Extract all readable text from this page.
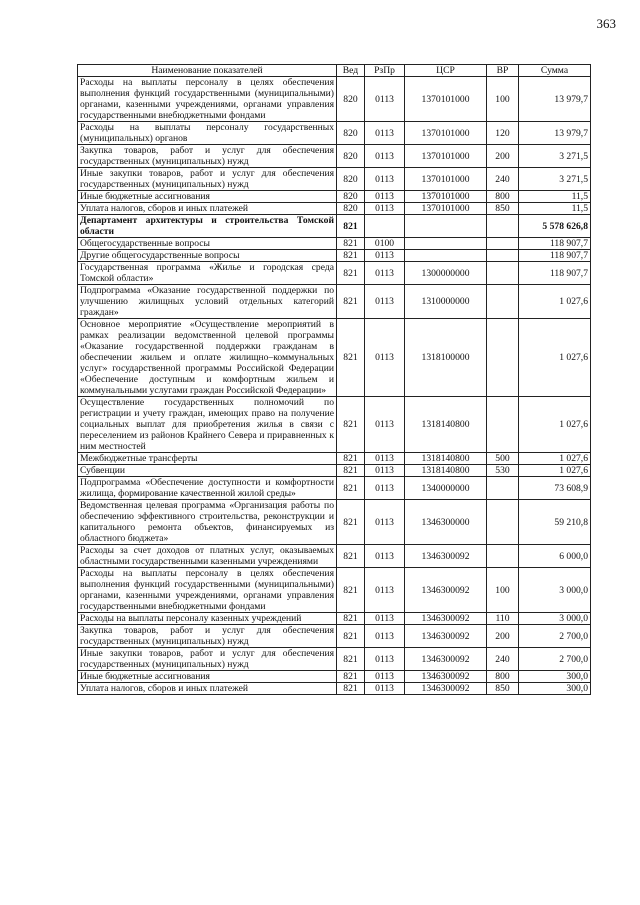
363
Наименование показателей	Вед	РзПр	ЦСР	ВР	Сумма
Расходы на выплаты персоналу в целях обеспечения выполнения функций государственными (муниципальными) органами, казенными учреждениями, органами управления государственными внебюджетными фондами	820	0113	1370101000	100	13 979,7
Расходы на выплаты персоналу государственных (муниципальных) органов	820	0113	1370101000	120	13 979,7
Закупка товаров, работ и услуг для обеспечения государственных (муниципальных) нужд	820	0113	1370101000	200	3 271,5
Иные закупки товаров, работ и услуг для обеспечения государственных (муниципальных) нужд	820	0113	1370101000	240	3 271,5
Иные бюджетные ассигнования	820	0113	1370101000	800	11,5
Уплата налогов, сборов и иных платежей	820	0113	1370101000	850	11,5
Департамент архитектуры и строительства Томской области	821				5 578 626,8
Общегосударственные вопросы	821	0100			118 907,7
Другие общегосударственные вопросы	821	0113			118 907,7
Государственная программа «Жилье и городская среда Томской области»	821	0113	1300000000		118 907,7
Подпрограмма «Оказание государственной поддержки по улучшению жилищных условий отдельных категорий граждан»	821	0113	1310000000		1 027,6
Основное мероприятие «Осуществление мероприятий в рамках реализации ведомственной целевой программы «Оказание государственной поддержки гражданам в обеспечении жильем и оплате жилищно–коммунальных услуг» государственной программы Российской Федерации «Обеспечение доступным и комфортным жильем и коммунальными услугами граждан Российской Федерации»	821	0113	1318100000		1 027,6
Осуществление государственных полномочий по регистрации и учету граждан, имеющих право на получение социальных выплат для приобретения жилья в связи с переселением из районов Крайнего Севера и приравненных к ним местностей	821	0113	1318140800		1 027,6
Межбюджетные трансферты	821	0113	1318140800	500	1 027,6
Субвенции	821	0113	1318140800	530	1 027,6
Подпрограмма «Обеспечение доступности и комфортности жилища, формирование качественной жилой среды»	821	0113	1340000000		73 608,9
Ведомственная целевая программа «Организация работы по обеспечению эффективного строительства, реконструкции и капитального ремонта объектов, финансируемых из областного бюджета»	821	0113	1346300000		59 210,8
Расходы за счет доходов от платных услуг, оказываемых областными государственными казенными учреждениями	821	0113	1346300092		6 000,0
Расходы на выплаты персоналу в целях обеспечения выполнения функций государственными (муниципальными) органами, казенными учреждениями, органами управления государственными внебюджетными фондами	821	0113	1346300092	100	3 000,0
Расходы на выплаты персоналу казенных учреждений	821	0113	1346300092	110	3 000,0
Закупка товаров, работ и услуг для обеспечения государственных (муниципальных) нужд	821	0113	1346300092	200	2 700,0
Иные закупки товаров, работ и услуг для обеспечения государственных (муниципальных) нужд	821	0113	1346300092	240	2 700,0
Иные бюджетные ассигнования	821	0113	1346300092	800	300,0
Уплата налогов, сборов и иных платежей	821	0113	1346300092	850	300,0
